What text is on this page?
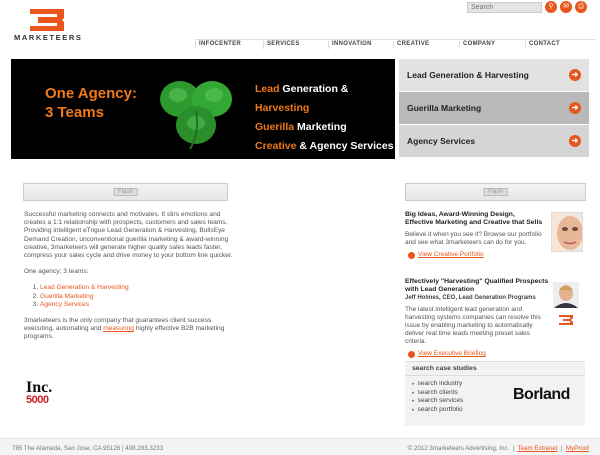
MARKETEERS
Search
⚲	✉	⎙
INFOCENTER	SERVICES	INNOVATION	CREATIVE	COMPANY	CONTACT
One Agency:
3 Teams
Lead Generation & Harvesting
Guerilla Marketing
Creative & Agency Services
Lead Generation & Harvesting	➜
Guerilla Marketing	➜
Agency Services	➜
Flash	Flash

Successful marketing connects and motivates. It stirs emotions and creates a 1:1 relationship with prospects, customers and sales teams. Providing intelligent eTrigue Lead Generation & Harvesting, BullsEye Demand Creation, unconventional guerilla marketing & award-winning creative, 3marketeers will generate higher quality sales leads faster, compress your sales cycle and drive money to your bottom line quicker.

One agency; 3 teams:

1. Lead Generation & Harvesting
2. Guerilla Marketing
3. Agency Services

3marketeers is the only company that guarantees client success executing, automating and measuring highly effective B2B marketing programs.

Inc.
5000
Big Ideas, Award-Winning Design, Effective Marketing and Creative that Sells

Believe it when you see it? Browse our portfolio and see what 3marketeers can do for you.

View Creative Portfolio
Effectively "Harvesting" Qualified Prospects with Lead Generation
Jeff Holmes, CEO, Lead Generation Programs

The latest intelligent lead generation and harvesting systems companies can resolve this issue by enabling marketing to automatically deliver real time leads meeting preset sales criteria.

View Executive Briefing
search case studies
▸ search industry
▸ search clients
▸ search services
▸ search portfolio
Borland
785 The Alameda, San Jose, CA 95126 | 408.293.3233	© 2012 3marketeers Advertising, Inc.  |  Team Extranet  |  MyProof
